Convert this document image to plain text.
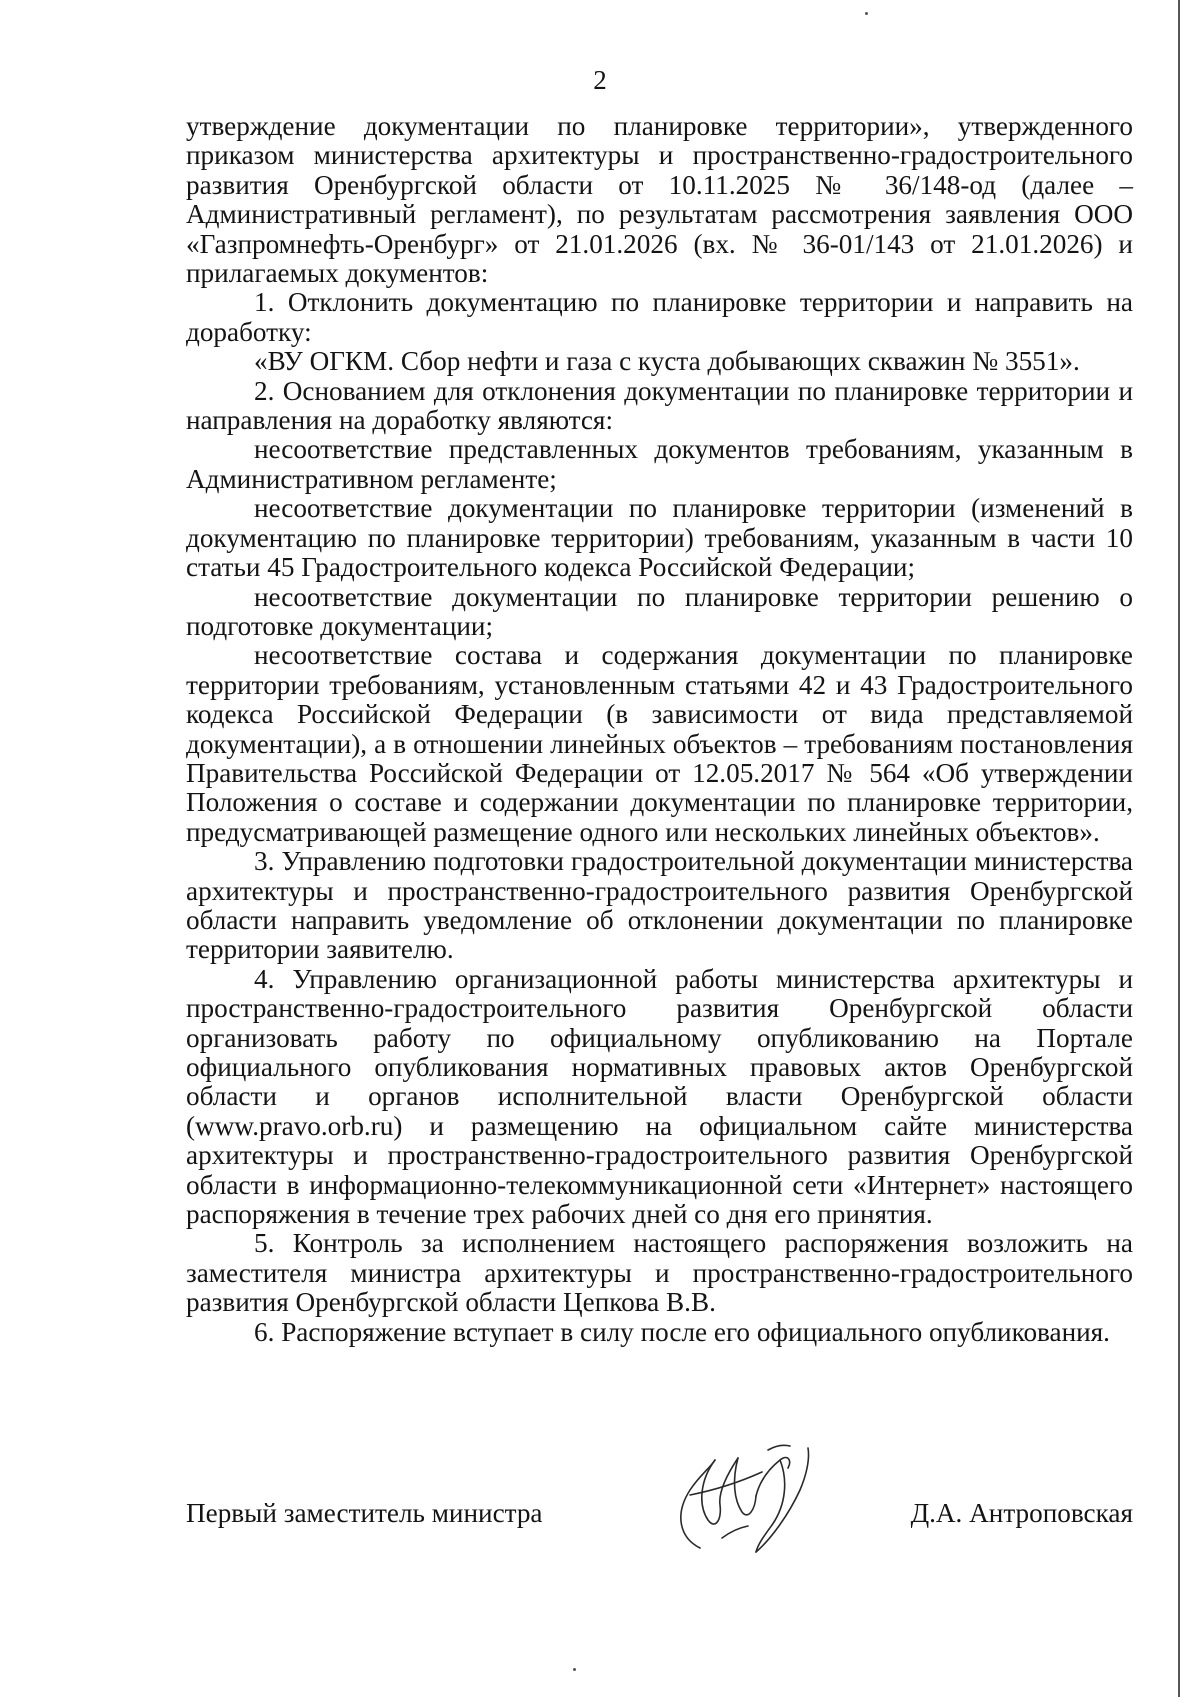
2

утверждение документации по планировке территории», утвержденного приказом министерства архитектуры и пространственно-градостроительного развития Оренбургской области от 10.11.2025 № 36/148-од (далее – Административный регламент), по результатам рассмотрения заявления ООО «Газпромнефть-Оренбург» от 21.01.2026 (вх. № 36-01/143 от 21.01.2026) и прилагаемых документов:

1. Отклонить документацию по планировке территории и направить на доработку:

«ВУ ОГКМ. Сбор нефти и газа с куста добывающих скважин № 3551».

2. Основанием для отклонения документации по планировке территории и направления на доработку являются:

несоответствие представленных документов требованиям, указанным в Административном регламенте;

несоответствие документации по планировке территории (изменений в документацию по планировке территории) требованиям, указанным в части 10 статьи 45 Градостроительного кодекса Российской Федерации;

несоответствие документации по планировке территории решению о подготовке документации;

несоответствие состава и содержания документации по планировке территории требованиям, установленным статьями 42 и 43 Градостроительного кодекса Российской Федерации (в зависимости от вида представляемой документации), а в отношении линейных объектов – требованиям постановления Правительства Российской Федерации от 12.05.2017 № 564 «Об утверждении Положения о составе и содержании документации по планировке территории, предусматривающей размещение одного или нескольких линейных объектов».

3. Управлению подготовки градостроительной документации министерства архитектуры и пространственно-градостроительного развития Оренбургской области направить уведомление об отклонении документации по планировке территории заявителю.

4. Управлению организационной работы министерства архитектуры и пространственно-градостроительного развития Оренбургской области организовать работу по официальному опубликованию на Портале официального опубликования нормативных правовых актов Оренбургской области и органов исполнительной власти Оренбургской области (www.pravo.orb.ru) и размещению на официальном сайте министерства архитектуры и пространственно-градостроительного развития Оренбургской области в информационно-телекоммуникационной сети «Интернет» настоящего распоряжения в течение трех рабочих дней со дня его принятия.

5. Контроль за исполнением настоящего распоряжения возложить на заместителя министра архитектуры и пространственно-градостроительного развития Оренбургской области Цепкова В.В.

6. Распоряжение вступает в силу после его официального опубликования.

Первый заместитель министра	Д.А. Антроповская
